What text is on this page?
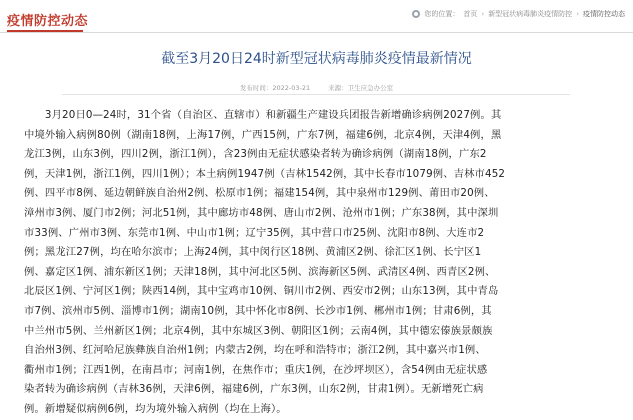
疫情防控动态	您的位置： 首页 › 新型冠状病毒肺炎疫情防控 › 疫情防控动态
截至3月20日24时新型冠状病毒肺炎疫情最新情况
发布时间：2022-03-21	来源：卫生应急办公室
　　3月20日0—24时，31个省（自治区、直辖市）和新疆生产建设兵团报告新增确诊病例2027例。其
中境外输入病例80例（湖南18例，上海17例，广西15例，广东7例，福建6例，北京4例，天津4例，黑
龙江3例，山东3例，四川2例，浙江1例），含23例由无症状感染者转为确诊病例（湖南18例，广东2
例，天津1例，浙江1例，四川1例）；本土病例1947例（吉林1542例，其中长春市1079例、吉林市452
例、四平市8例、延边朝鲜族自治州2例、松原市1例；福建154例，其中泉州市129例、莆田市20例、
漳州市3例、厦门市2例；河北51例，其中廊坊市48例、唐山市2例、沧州市1例；广东38例，其中深圳
市33例、广州市3例、东莞市1例、中山市1例；辽宁35例，其中营口市25例、沈阳市8例、大连市2
例；黑龙江27例，均在哈尔滨市；上海24例，其中闵行区18例、黄浦区2例、徐汇区1例、长宁区1
例、嘉定区1例、浦东新区1例；天津18例，其中河北区5例、滨海新区5例、武清区4例、西青区2例、
北辰区1例、宁河区1例；陕西14例，其中宝鸡市10例、铜川市2例、西安市2例；山东13例，其中青岛
市7例、滨州市5例、淄博市1例；湖南10例，其中怀化市8例、长沙市1例、郴州市1例；甘肃6例，其
中兰州市5例、兰州新区1例；北京4例，其中东城区3例、朝阳区1例；云南4例，其中德宏傣族景颇族
自治州3例、红河哈尼族彝族自治州1例；内蒙古2例，均在呼和浩特市；浙江2例，其中嘉兴市1例、
衢州市1例；江西1例，在南昌市；河南1例，在焦作市；重庆1例，在沙坪坝区），含54例由无症状感
染者转为确诊病例（吉林36例，天津6例，福建6例，广东3例，山东2例，甘肃1例）。无新增死亡病
例。新增疑似病例6例，均为境外输入病例（均在上海）。
